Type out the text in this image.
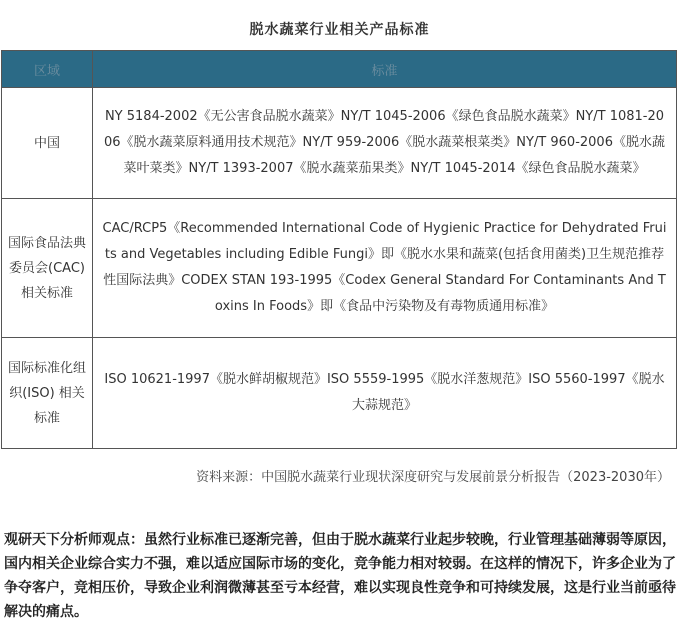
脱水蔬菜行业相关产品标准
区域	标准
中国	NY 5184-2002《无公害食品脱水蔬菜》NY/T 1045-2006《绿色食品脱水蔬菜》NY/T 1081-2006《脱水蔬菜原料通用技术规范》NY/T 959-2006《脱水蔬菜根菜类》NY/T 960-2006《脱水蔬菜叶菜类》NY/T 1393-2007《脱水蔬菜茄果类》NY/T 1045-2014《绿色食品脱水蔬菜》
国际食品法典委员会(CAC)相关标准	CAC/RCP5《Recommended International Code of Hygienic Practice for Dehydrated Fruits and Vegetables including Edible Fungi》即《脱水水果和蔬菜(包括食用菌类)卫生规范推荐性国际法典》CODEX STAN 193-1995《Codex General Standard For Contaminants And Toxins In Foods》即《食品中污染物及有毒物质通用标准》
国际标准化组织(ISO) 相关标准	ISO 10621-1997《脱水鲜胡椒规范》ISO 5559-1995《脱水洋葱规范》ISO 5560-1997《脱水大蒜规范》
资料来源：中国脱水蔬菜行业现状深度研究与发展前景分析报告（2023-2030年）
观研天下分析师观点：虽然行业标准已逐渐完善，但由于脱水蔬菜行业起步较晚，行业管理基础薄弱等原因，国内相关企业综合实力不强，难以适应国际市场的变化，竞争能力相对较弱。在这样的情况下，许多企业为了争夺客户，竞相压价，导致企业利润微薄甚至亏本经营，难以实现良性竞争和可持续发展，这是行业当前亟待解决的痛点。
